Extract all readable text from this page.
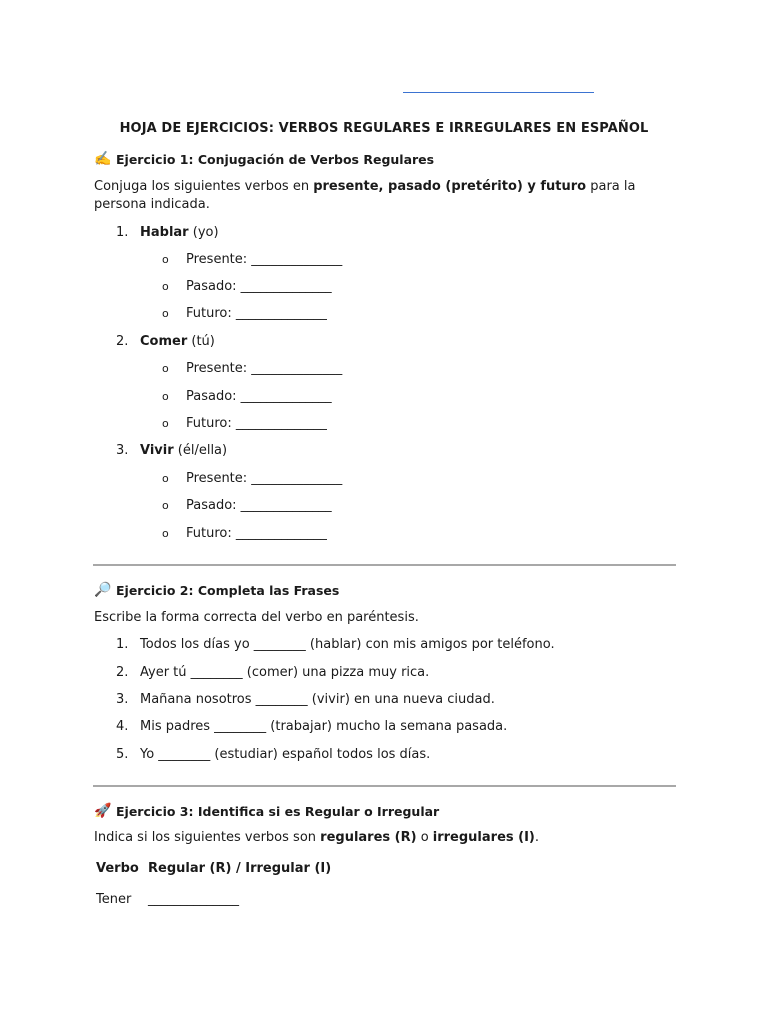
HOJA DE EJERCICIOS: VERBOS REGULARES E IRREGULARES EN ESPAÑOL
✍️ Ejercicio 1: Conjugación de Verbos Regulares
Conjuga los siguientes verbos en presente, pasado (pretérito) y futuro para la persona indicada.
1. Hablar (yo)
o Presente: ______________
o Pasado: ______________
o Futuro: ______________
2. Comer (tú)
o Presente: ______________
o Pasado: ______________
o Futuro: ______________
3. Vivir (él/ella)
o Presente: ______________
o Pasado: ______________
o Futuro: ______________
🔎 Ejercicio 2: Completa las Frases
Escribe la forma correcta del verbo en paréntesis.
1. Todos los días yo ________ (hablar) con mis amigos por teléfono.
2. Ayer tú ________ (comer) una pizza muy rica.
3. Mañana nosotros ________ (vivir) en una nueva ciudad.
4. Mis padres ________ (trabajar) mucho la semana pasada.
5. Yo ________ (estudiar) español todos los días.
🚀 Ejercicio 3: Identifica si es Regular o Irregular
Indica si los siguientes verbos son regulares (R) o irregulares (I).
Verbo Regular (R) / Irregular (I)
Tener ______________
